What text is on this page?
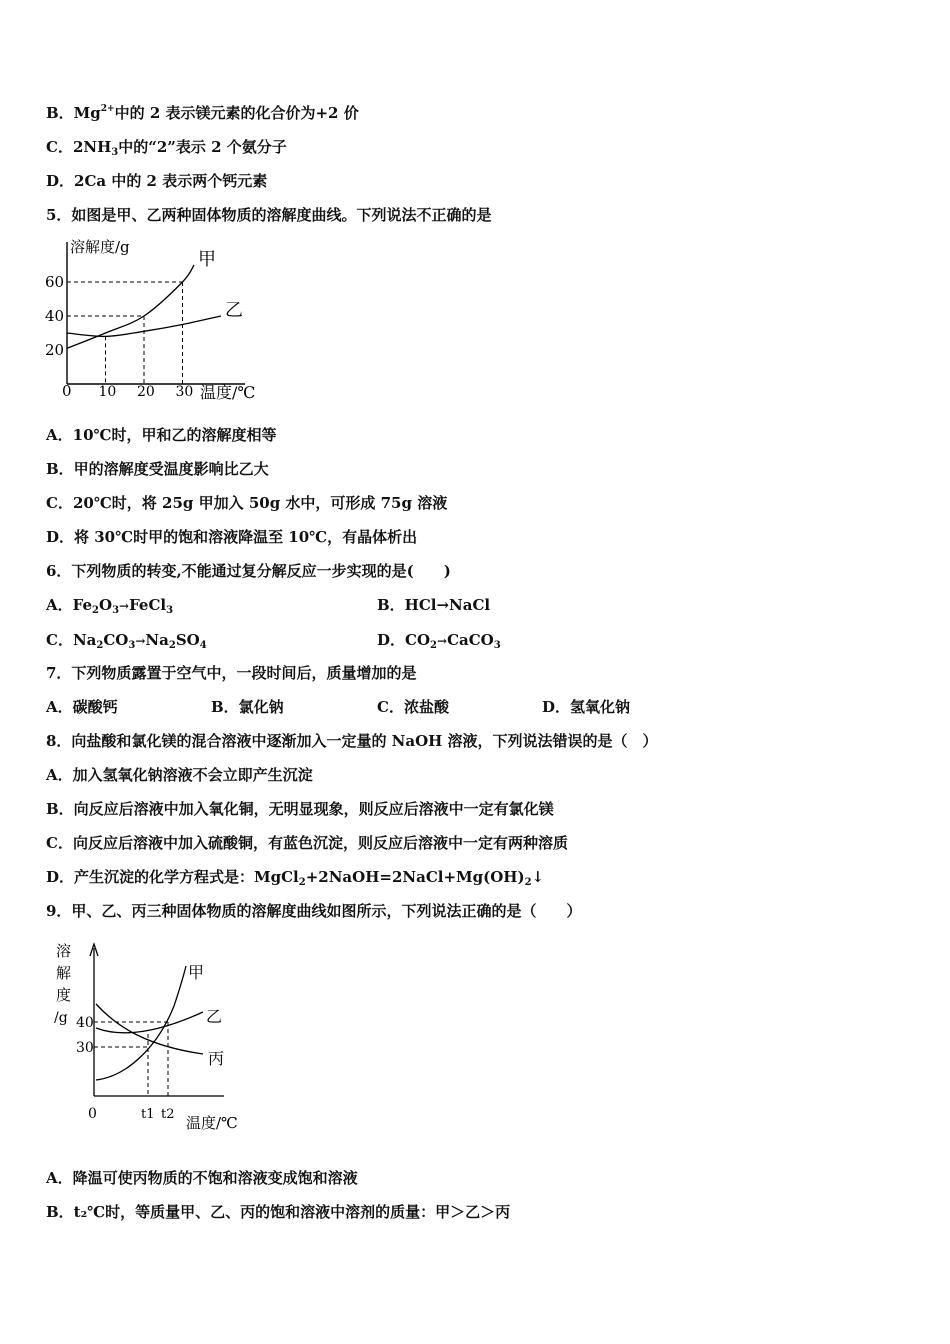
B．$Mg^{2+}$中的 2 表示镁元素的化合价为+2 价
C．$2NH_3$中的“2”表示 2 个氨分子
D．2Ca 中的 2 表示两个钙元素
5．如图是甲、乙两种固体物质的溶解度曲线。下列说法不正确的是
溶解度/g
温度/℃
0
20
40
60
10 20 30
甲
乙
A．10℃时，甲和乙的溶解度相等
B．甲的溶解度受温度影响比乙大
C．20℃时，将 25g 甲加入 50g 水中，可形成 75g 溶液
D．将 30℃时甲的饱和溶液降温至 10℃，有晶体析出
6．下列物质的转变,不能通过复分解反应一步实现的是(　　)
A．$Fe_2O_3\to FeCl_3$	B．HCl→NaCl
C．$Na_2CO_3\to Na_2SO_4$	D．$CO_2\to CaCO_3$
7．下列物质露置于空气中，一段时间后，质量增加的是
A．碳酸钙	B．氯化钠	C．浓盐酸	D．氢氧化钠
8．向盐酸和氯化镁的混合溶液中逐渐加入一定量的 NaOH 溶液，下列说法错误的是（　）
A．加入氢氧化钠溶液不会立即产生沉淀
B．向反应后溶液中加入氧化铜，无明显现象，则反应后溶液中一定有氯化镁
C．向反应后溶液中加入硫酸铜，有蓝色沉淀，则反应后溶液中一定有两种溶质
D．产生沉淀的化学方程式是：$MgCl_2+2NaOH=2NaCl+Mg(OH)_2↓$
9．甲、乙、丙三种固体物质的溶解度曲线如图所示，下列说法正确的是（　　）
溶
解
度
/g
0
30
40
t1 t2 温度/℃
甲
乙
丙
A．降温可使丙物质的不饱和溶液变成饱和溶液
B．t₂℃时，等质量甲、乙、丙的饱和溶液中溶剂的质量：甲＞乙＞丙
